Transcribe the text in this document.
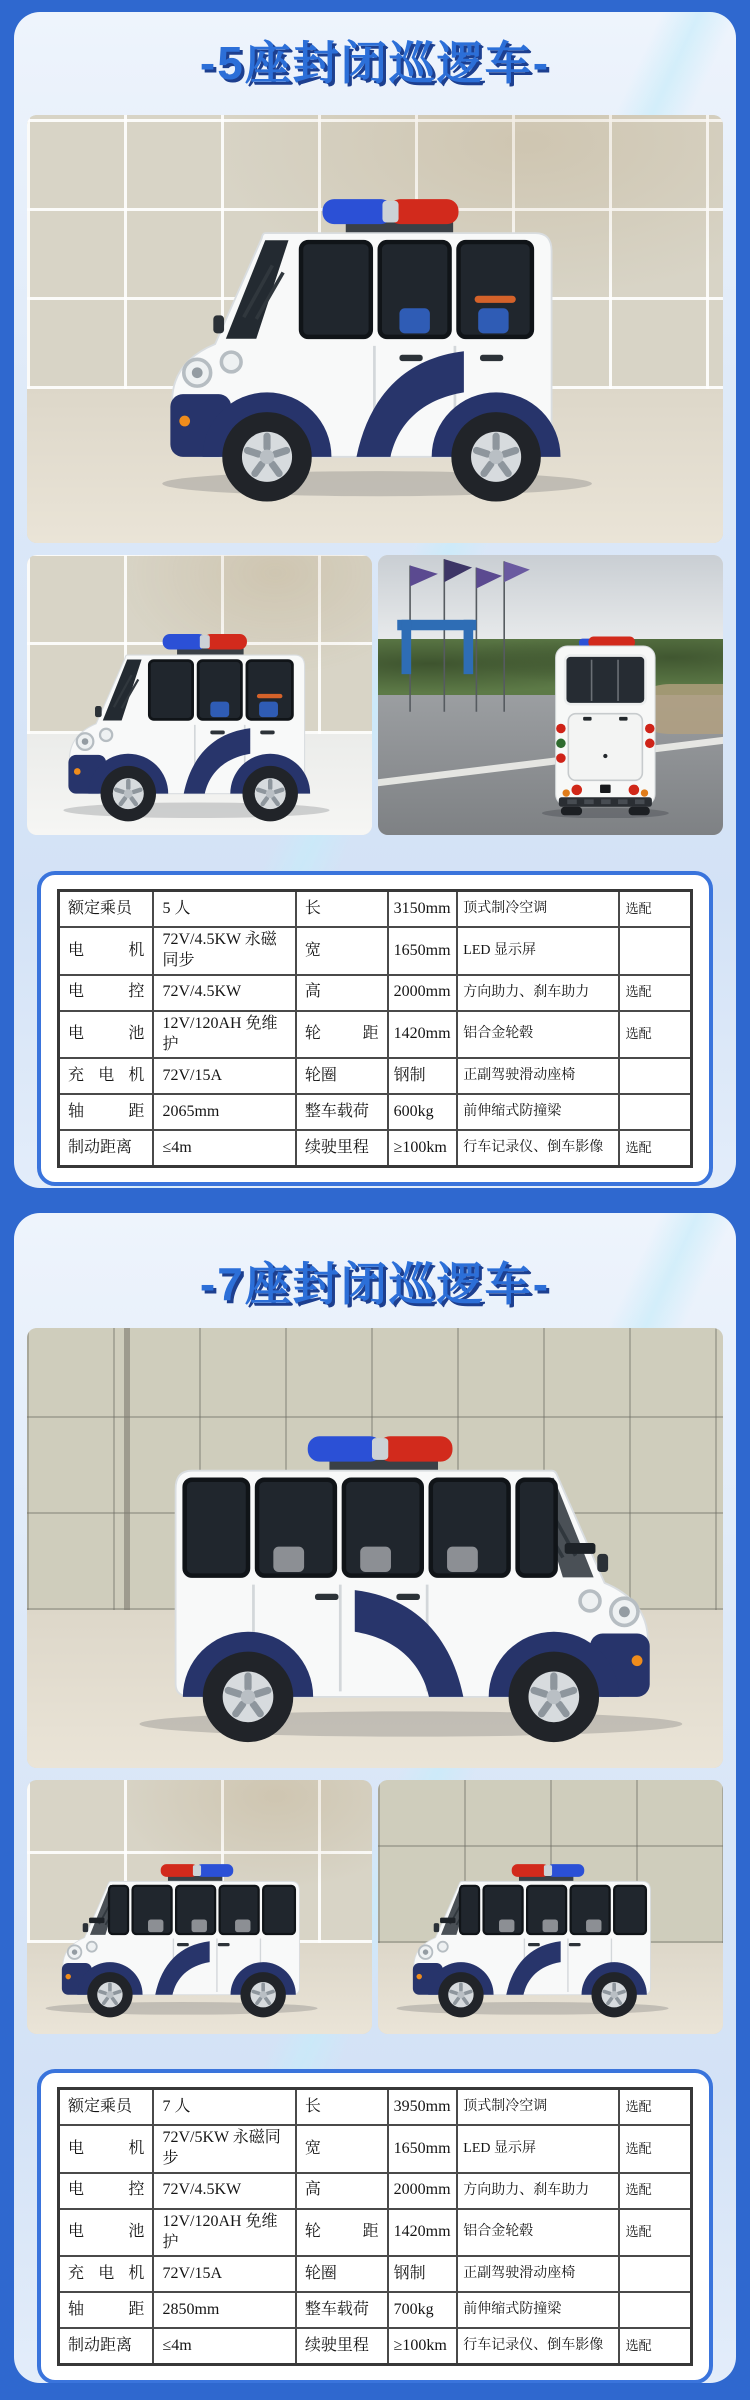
-5座封闭巡逻车-
额定乘员	5 人	长	3150mm	顶式制冷空调	选配
电 机	72V/4.5KW 永磁同步	宽	1650mm	LED 显示屏	
电 控	72V/4.5KW	高	2000mm	方向助力、刹车助力	选配
电 池	12V/120AH 免维护	轮 距	1420mm	铝合金轮毂	选配
充 电 机	72V/15A	轮圈	钢制	正副驾驶滑动座椅	
轴 距	2065mm	整车载荷	600kg	前伸缩式防撞梁	
制动距离	≤4m	续驶里程	≥100km	行车记录仪、倒车影像	选配
-7座封闭巡逻车-
额定乘员	7 人	长	3950mm	顶式制冷空调	选配
电 机	72V/5KW 永磁同步	宽	1650mm	LED 显示屏	选配
电 控	72V/4.5KW	高	2000mm	方向助力、刹车助力	选配
电 池	12V/120AH 免维护	轮 距	1420mm	铝合金轮毂	选配
充 电 机	72V/15A	轮圈	钢制	正副驾驶滑动座椅	
轴 距	2850mm	整车载荷	700kg	前伸缩式防撞梁	
制动距离	≤4m	续驶里程	≥100km	行车记录仪、倒车影像	选配
